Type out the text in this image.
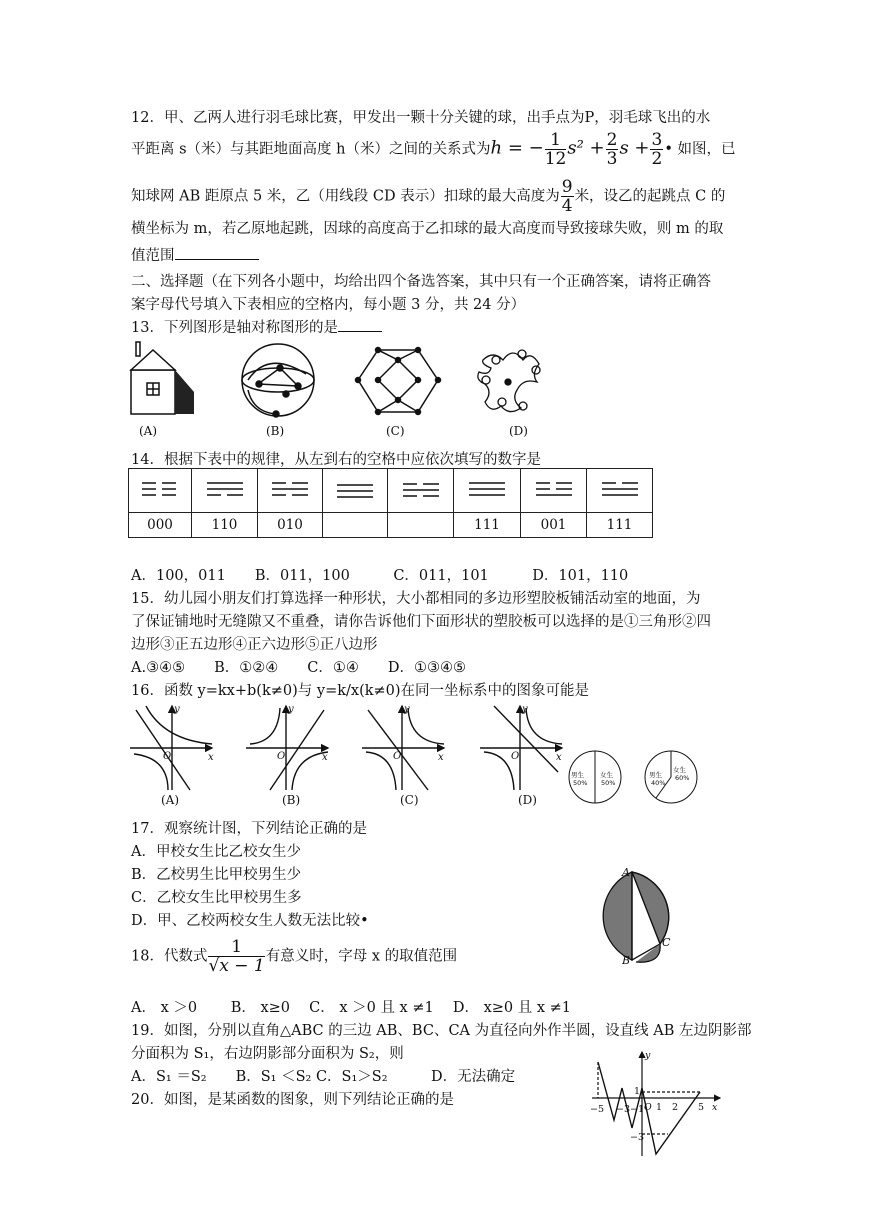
12．甲、乙两人进行羽毛球比赛，甲发出一颗十分关键的球，出手点为P，羽毛球飞出的水
平距离 s（米）与其距地面高度 h（米）之间的关系式为h = − $\frac{1}{12} s^2 + \frac{2}{3}$ $s + \frac{3}{2}$ • 如图，已
知球网 AB 距原点 5 米，乙（用线段 CD 表示）扣球的最大高度为 $\frac{9}{4}$ 米，设乙的起跳点 C 的
横坐标为 m，若乙原地起跳，因球的高度高于乙扣球的最大高度而导致接球失败，则 m 的取
值范围
二、选择题（在下列各小题中，均给出四个备选答案，其中只有一个正确答案，请将正确答
案字母代号填入下表相应的空格内，每小题 3 分，共 24 分）
13．下列图形是轴对称图形的是
(A)	(B)	(C)	(D)
14．根据下表中的规律，从左到右的空格中应依次填写的数字是

000	110	010			111	001	111
A．100，011　　B．011，100　　　C．011，101　　　D．101，110
15．幼儿园小朋友们打算选择一种形状，大小都相同的多边形塑胶板铺活动室的地面，为
了保证铺地时无缝隙又不重叠，请你告诉他们下面形状的塑胶板可以选择的是①三角形②四
边形③正五边形④正六边形⑤正八边形
A.③④⑤　　B．①②④　　C．①④　　D．①③④⑤
16．函数 y=kx+b(k≠0)与 y=k/x(k≠0)在同一坐标系中的图象可能是
y
x
O
y
x
O
y
x
O
y
x
O
(A)	(B)	(C)	(D)
男生
50%
女生
50%
男生
40%
女生
60%
17．观察统计图，下列结论正确的是
A．甲校女生比乙校女生少
B．乙校男生比甲校男生少
C．乙校女生比甲校男生多
D．甲、乙校两校女生人数无法比较•
A
B
C
18．代数式 $\frac{1}{√x - 1}$ 有意义时，字母 x 的取值范围
A． x ＞0　　 B． x≥0　 C． x ＞0 且 x ≠1　 D． x≥0 且 x ≠1
19．如图，分别以直角△ABC 的三边 AB、BC、CA 为直径向外作半圆，设直线 AB 左边阴影部
分面积为 S₁，右边阴影部分面积为 S₂，则
A．S₁ ＝S₂　　B．S₁ ＜S₂ C．S₁＞S₂　　　D．无法确定
20．如图，是某函数的图象，则下列结论正确的是
−5 −3 −1 O 1 2 5
1
−3
x
y
